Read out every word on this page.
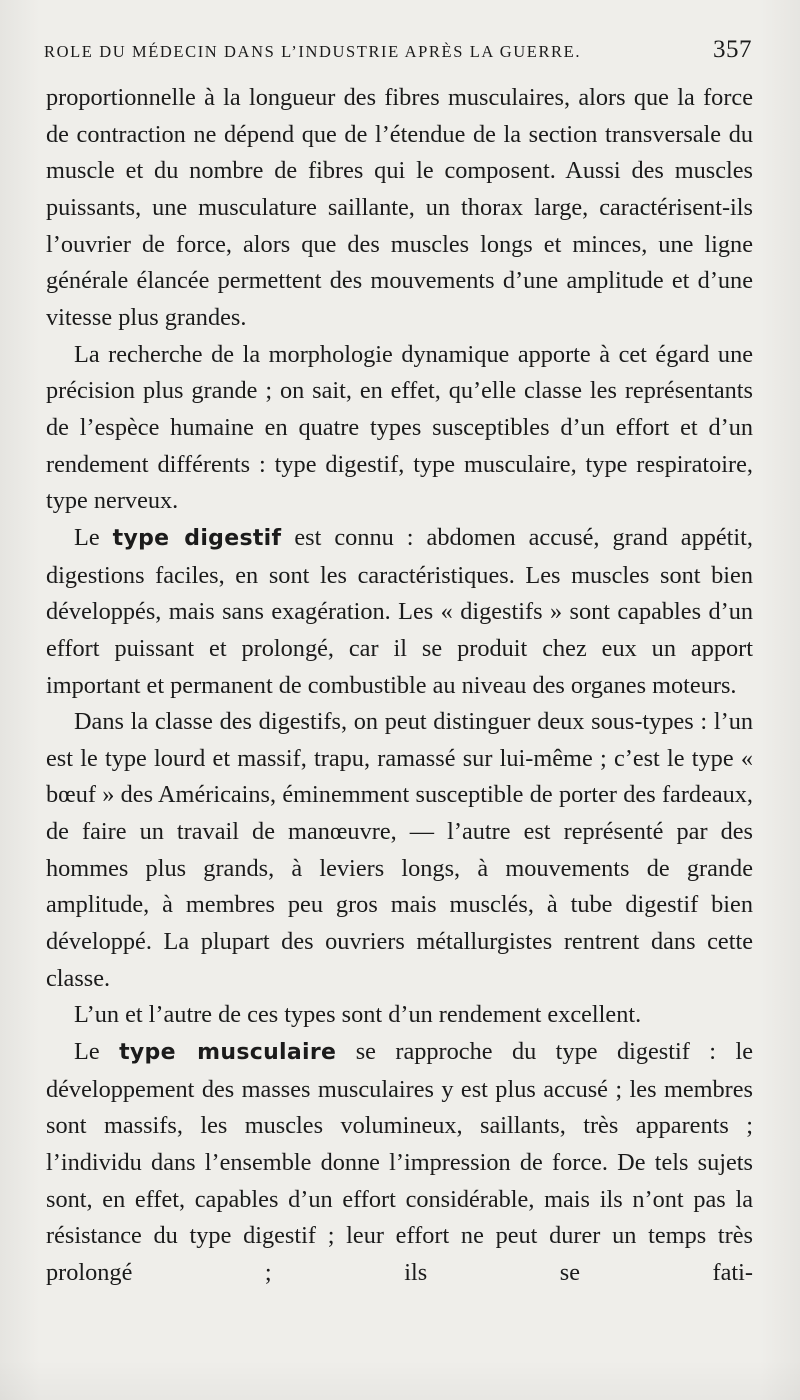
ROLE DU MÉDECIN DANS L’INDUSTRIE APRÈS LA GUERRE.	357

proportionnelle à la longueur des fibres musculaires, alors que la force de contraction ne dépend que de l’étendue de la section transversale du muscle et du nombre de fibres qui le composent. Aussi des muscles puissants, une musculature saillante, un thorax large, caractérisent-ils l’ouvrier de force, alors que des muscles longs et minces, une ligne générale élancée permettent des mouvements d’une amplitude et d’une vitesse plus grandes.

La recherche de la morphologie dynamique apporte à cet égard une précision plus grande ; on sait, en effet, qu’elle classe les représentants de l’espèce humaine en quatre types susceptibles d’un effort et d’un rendement différents : type digestif, type musculaire, type respiratoire, type nerveux.

Le type digestif est connu : abdomen accusé, grand appétit, digestions faciles, en sont les caractéristiques. Les muscles sont bien développés, mais sans exagération. Les « digestifs » sont capables d’un effort puissant et prolongé, car il se produit chez eux un apport important et permanent de combustible au niveau des organes moteurs.

Dans la classe des digestifs, on peut distinguer deux sous-types : l’un est le type lourd et massif, trapu, ramassé sur lui-même ; c’est le type « bœuf » des Américains, éminemment susceptible de porter des fardeaux, de faire un travail de manœuvre, — l’autre est représenté par des hommes plus grands, à leviers longs, à mouvements de grande amplitude, à membres peu gros mais musclés, à tube digestif bien développé. La plupart des ouvriers métallurgistes rentrent dans cette classe.

L’un et l’autre de ces types sont d’un rendement excellent.

Le type musculaire se rapproche du type digestif : le développement des masses musculaires y est plus accusé ; les membres sont massifs, les muscles volumineux, saillants, très apparents ; l’individu dans l’ensemble donne l’impression de force. De tels sujets sont, en effet, capables d’un effort considérable, mais ils n’ont pas la résistance du type digestif ; leur effort ne peut durer un temps très prolongé ; ils se fati-
